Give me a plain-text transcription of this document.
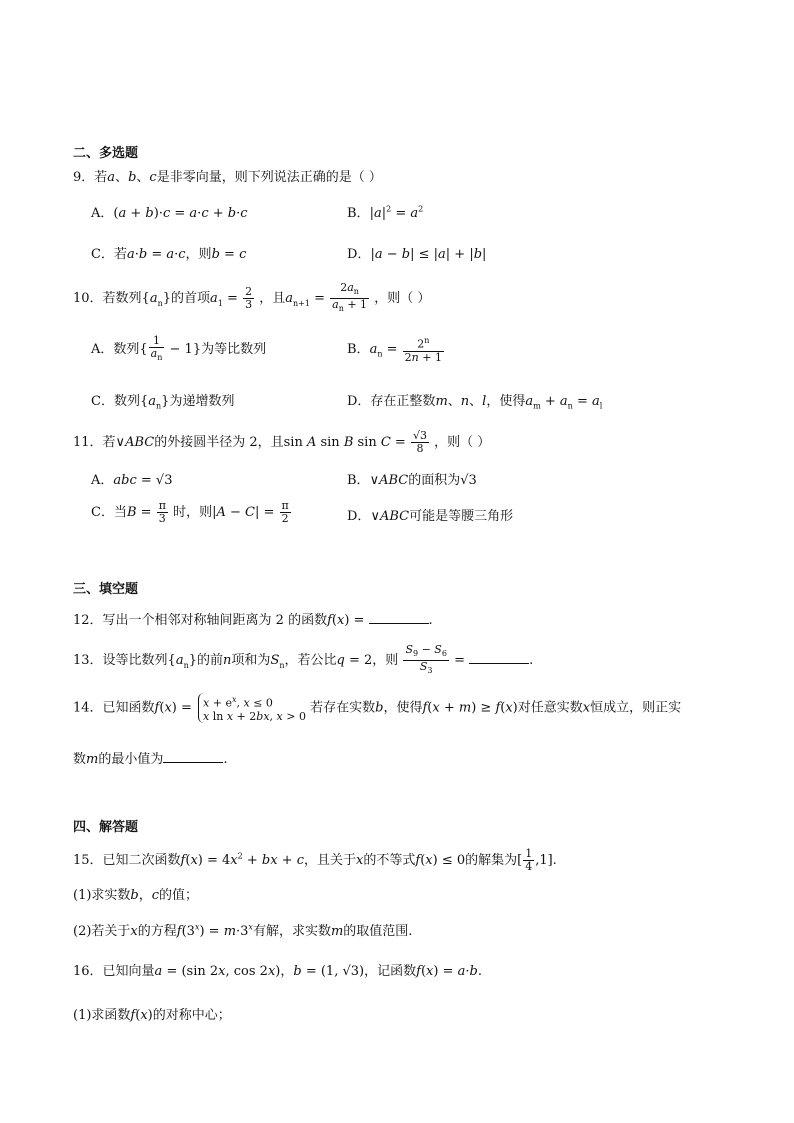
二、多选题
9．若a、b、c是非零向量，则下列说法正确的是（ ）
A．(a + b)·c = a·c + b·c	B．$|a|^2 = a^2$
C．若a·b = a·c，则b = c	D．|a − b| ≤ |a| + |b|
10．若数列$\{a_n\}$的首项$a_1 = \frac{2}{3}$ ，且$a_{n+1} = \frac{2a_n}{a_n + 1}$ ，则（ ）
A．数列{ $\frac{1}{a_n} - 1$}为等比数列	B．$a_n = \frac{2^n}{2n + 1}$
C．数列$\{a_n\}$为递增数列	D．存在正整数m、n、l，使得$a_m + a_n = a_l$
11．若∨ABC的外接圆半径为 2，且sin A sin B $\sin C = \frac{√3}{8}$ ，则（ ）
A．abc = √3	B．∨ABC的面积为√3
C．当$B = \frac{\pi}{3}$ 时，则$|A - C| = \frac{\pi}{2}$	D．∨ABC可能是等腰三角形
三、填空题
12．写出一个相邻对称轴间距离为 2 的函数f(x) =	.
13．设等比数列$\{a_n\}$的前n项和为$S_n$，若公比q = 2，则 $\frac{S_9 - S_6}{S_3}$ =	.
14．已知函数$f(x) = x + e^x$, x ≤ 0
x ln x + 2bx, x > 0
若存在实数b，使得f(x + m) ≥ f(x)对任意实数x恒成立，则正实
数m的最小值为	.
四、解答题
15．已知二次函数$f(x) = 4x^2$ + bx + c，且关于x的不等式f(x) ≤ 0的解集为[ $\frac{1}{4} ,1$].
(1)求实数b，c的值；
(2)若关于x的方程$f(3^x) = m\cdot 3^x$有解，求实数m的取值范围.
16．已知向量a = (sin 2x, cos 2x)，b = (1, √3)，记函数f(x) = a·b.
(1)求函数f(x)的对称中心；
